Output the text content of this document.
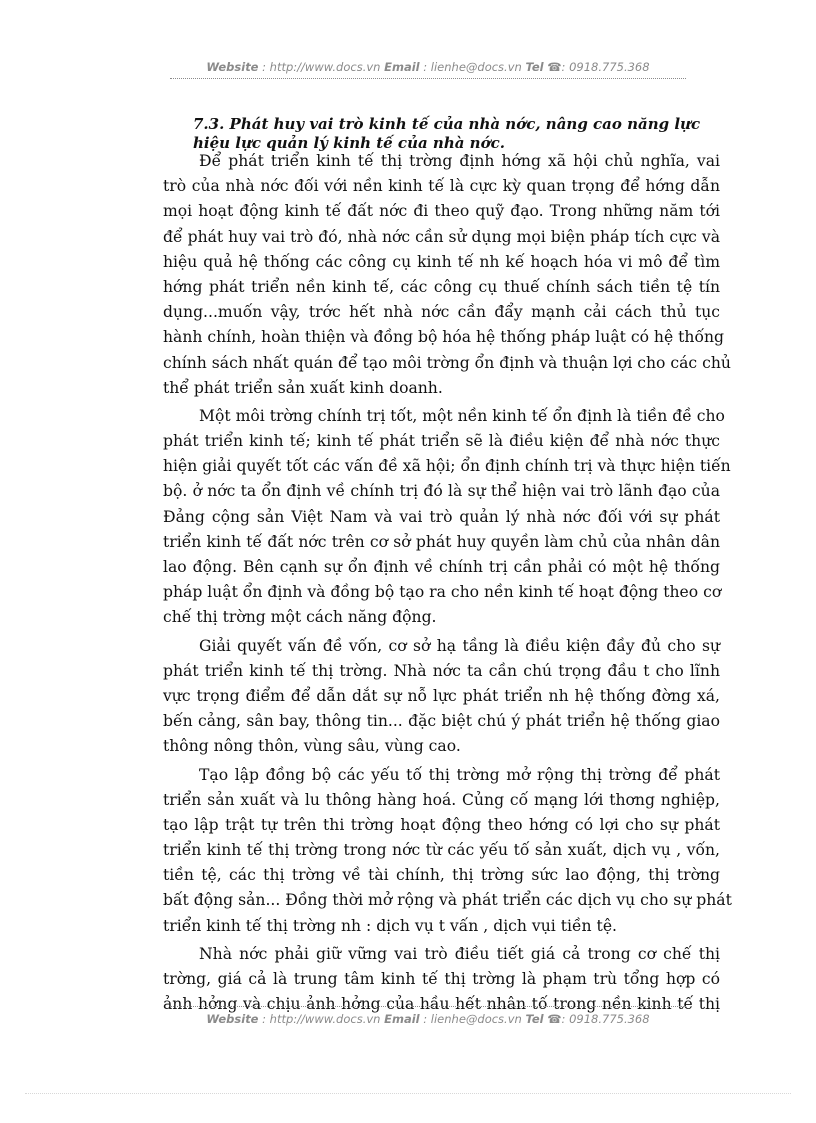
Website : http://www.docs.vn Email : lienhe@docs.vn Tel ☎: 0918.775.368
7.3. Phát huy vai trò kinh tế của nhà nớc, nâng cao năng lực
hiệu lực quản lý kinh tế của nhà nớc.
Để phát triển kinh tế thị trờng định hớng xã hội chủ nghĩa, vai
trò của nhà nớc đối với nền kinh tế là cực kỳ quan trọng để hớng dẫn
mọi hoạt động kinh tế đất nớc đi theo quỹ đạo. Trong những năm tới
để phát huy vai trò đó, nhà nớc cần sử dụng mọi biện pháp tích cực và
hiệu quả hệ thống các công cụ kinh tế nh kế hoạch hóa vi mô để tìm
hớng phát triển nền kinh tế, các công cụ thuế chính sách tiền tệ tín
dụng...muốn vậy, trớc hết nhà nớc cần đẩy mạnh cải cách thủ tục
hành chính, hoàn thiện và đồng bộ hóa hệ thống pháp luật có hệ thống
chính sách nhất quán để tạo môi trờng ổn định và thuận lợi cho các chủ
thể phát triển sản xuất kinh doanh.
Một môi trờng chính trị tốt, một nền kinh tế ổn định là tiền đề cho
phát triển kinh tế; kinh tế phát triển sẽ là điều kiện để nhà nớc thực
hiện giải quyết tốt các vấn đề xã hội; ổn định chính trị và thực hiện tiến
bộ. ở nớc ta ổn định về chính trị đó là sự thể hiện vai trò lãnh đạo của
Đảng cộng sản Việt Nam và vai trò quản lý nhà nớc đối với sự phát
triển kinh tế đất nớc trên cơ sở phát huy quyền làm chủ của nhân dân
lao động. Bên cạnh sự ổn định về chính trị cần phải có một hệ thống
pháp luật ổn định và đồng bộ tạo ra cho nền kinh tế hoạt động theo cơ
chế thị trờng một cách năng động.
Giải quyết vấn đề vốn, cơ sở hạ tầng là điều kiện đầy đủ cho sự
phát triển kinh tế thị trờng. Nhà nớc ta cần chú trọng đầu t cho lĩnh
vực trọng điểm để dẫn dắt sự nỗ lực phát triển nh hệ thống đờng xá,
bến cảng, sân bay, thông tin... đặc biệt chú ý phát triển hệ thống giao
thông nông thôn, vùng sâu, vùng cao.
Tạo lập đồng bộ các yếu tố thị trờng mở rộng thị trờng để phát
triển sản xuất và lu thông hàng hoá. Củng cố mạng lới thơng nghiệp,
tạo lập trật tự trên thi trờng hoạt động theo hớng có lợi cho sự phát
triển kinh tế thị trờng trong nớc từ các yếu tố sản xuất, dịch vụ , vốn,
tiền tệ, các thị trờng về tài chính, thị trờng sức lao động, thị trờng
bất động sản... Đồng thời mở rộng và phát triển các dịch vụ cho sự phát
triển kinh tế thị trờng nh : dịch vụ t vấn , dịch vụi tiền tệ.
Nhà nớc phải giữ vững vai trò điều tiết giá cả trong cơ chế thị
trờng, giá cả là trung tâm kinh tế thị trờng là phạm trù tổng hợp có
ảnh hởng và chịu ảnh hởng của hầu hết nhân tố trong nền kinh tế thị
Website : http://www.docs.vn Email : lienhe@docs.vn Tel ☎: 0918.775.368
